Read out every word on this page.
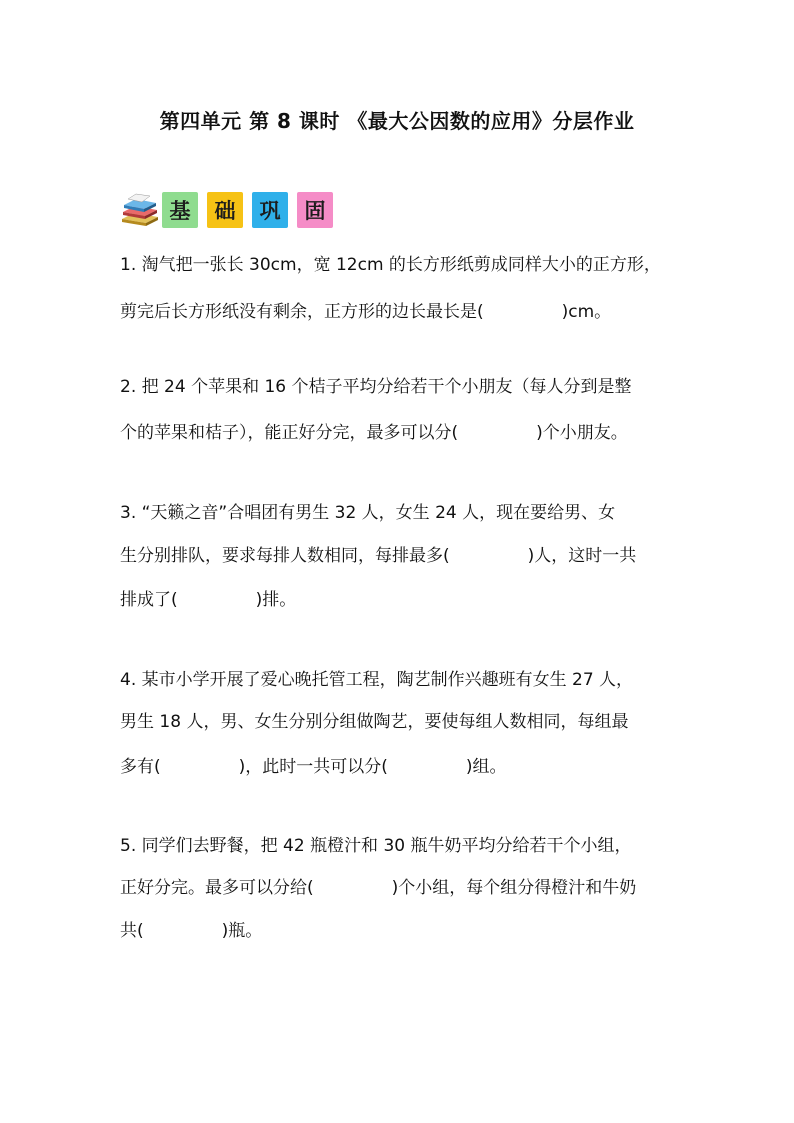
第四单元 第 8 课时 《最大公因数的应用》分层作业
基	础	巩	固
1. 淘气把一张长 30cm，宽 12cm 的长方形纸剪成同样大小的正方形，
剪完后长方形纸没有剩余，正方形的边长最长是(	)cm。
2. 把 24 个苹果和 16 个桔子平均分给若干个小朋友（每人分到是整
个的苹果和桔子），能正好分完，最多可以分(	)个小朋友。
3. “天籁之音”合唱团有男生 32 人，女生 24 人，现在要给男、女
生分别排队，要求每排人数相同，每排最多(	)人，这时一共
排成了(	)排。
4. 某市小学开展了爱心晚托管工程，陶艺制作兴趣班有女生 27 人，
男生 18 人，男、女生分别分组做陶艺，要使每组人数相同，每组最
多有(	)，此时一共可以分(	)组。
5. 同学们去野餐，把 42 瓶橙汁和 30 瓶牛奶平均分给若干个小组，
正好分完。最多可以分给(	)个小组，每个组分得橙汁和牛奶
共(	)瓶。
